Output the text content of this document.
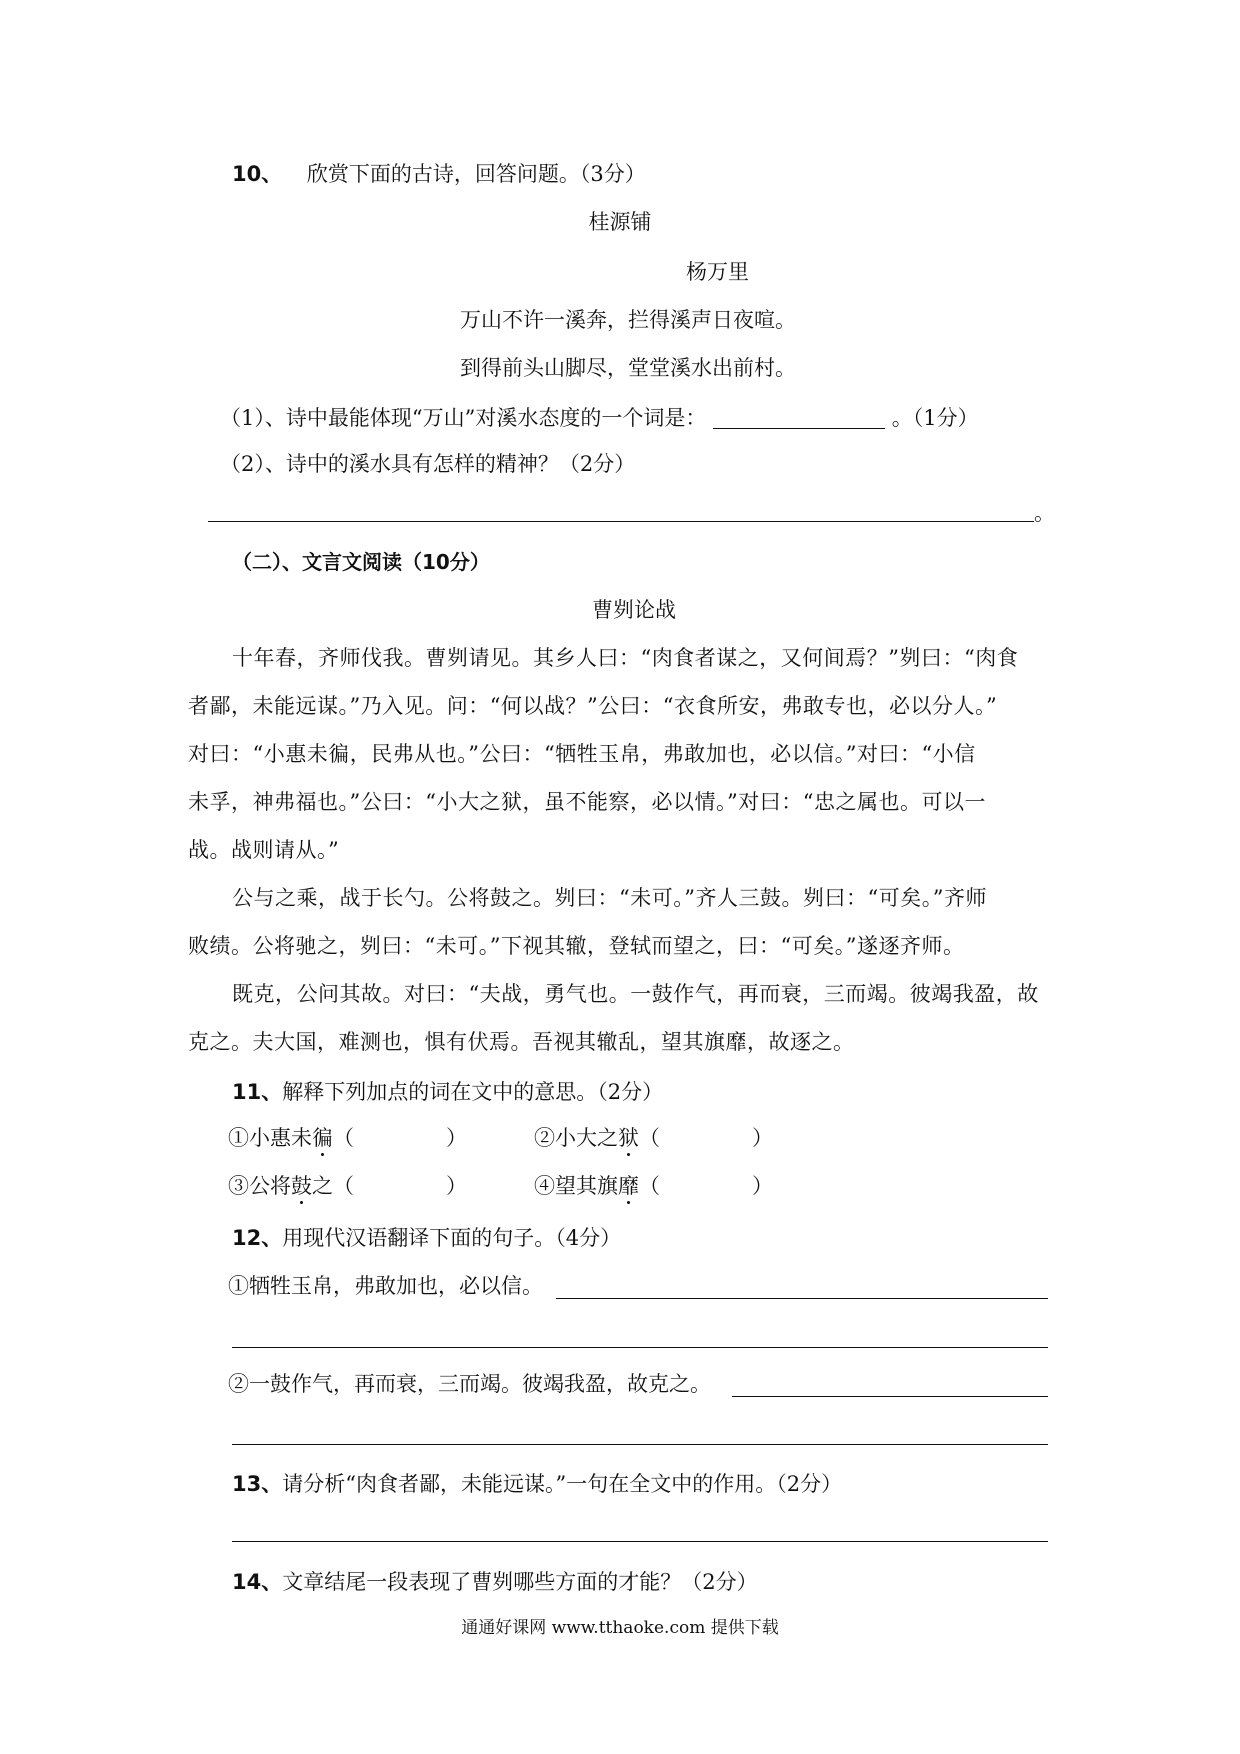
10、 欣赏下面的古诗，回答问题。（3分）
桂源铺
杨万里
万山不许一溪奔，拦得溪声日夜喧。
到得前头山脚尽，堂堂溪水出前村。
（1）、诗中最能体现“万山”对溪水态度的一个词是：	。（1分）
（2）、诗中的溪水具有怎样的精神？（2分）
。
（二）、文言文阅读（10分）
曹刿论战
十年春，齐师伐我。曹刿请见。其乡人曰：“肉食者谋之，又何间焉？”刿曰：“肉食
者鄙，未能远谋。”乃入见。问：“何以战？”公曰：“衣食所安，弗敢专也，必以分人。”
对曰：“小惠未徧，民弗从也。”公曰：“牺牲玉帛，弗敢加也，必以信。”对曰：“小信
未孚，神弗福也。”公曰：“小大之狱，虽不能察，必以情。”对曰：“忠之属也。可以一
战。战则请从。”
公与之乘，战于长勺。公将鼓之。刿曰：“未可。”齐人三鼓。刿曰：“可矣。”齐师
败绩。公将驰之，刿曰：“未可。”下视其辙，登轼而望之，曰：“可矣。”遂逐齐师。
既克，公问其故。对曰：“夫战，勇气也。一鼓作气，再而衰，三而竭。彼竭我盈，故
克之。夫大国，难测也，惧有伏焉。吾视其辙乱，望其旗靡，故逐之。
11、解释下列加点的词在文中的意思。（2分）
①小惠未徧（	）	②小大之狱（	）
③公将鼓之（	）	④望其旗靡（	）
12、用现代汉语翻译下面的句子。（4分）
①牺牲玉帛，弗敢加也，必以信。
②一鼓作气，再而衰，三而竭。彼竭我盈，故克之。
13、请分析“肉食者鄙，未能远谋。”一句在全文中的作用。（2分）
14、文章结尾一段表现了曹刿哪些方面的才能？（2分）
通通好课网 www.tthaoke.com 提供下载
